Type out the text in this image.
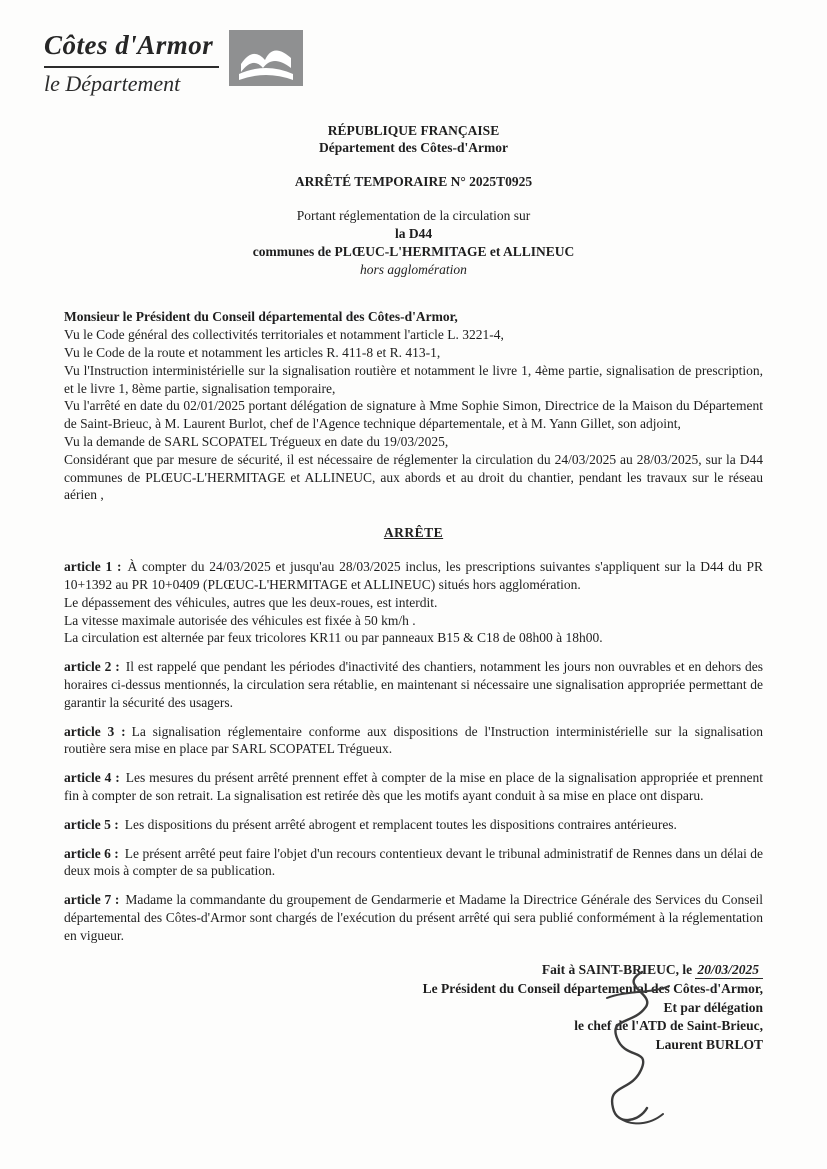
Côtes d'Armor
le Département
RÉPUBLIQUE FRANÇAISE
Département des Côtes-d'Armor
ARRÊTÉ TEMPORAIRE N° 2025T0925
Portant réglementation de la circulation sur
la D44
communes de PLŒUC-L'HERMITAGE et ALLINEUC
hors agglomération

Monsieur le Président du Conseil départemental des Côtes-d'Armor,

Vu le Code général des collectivités territoriales et notamment l'article L. 3221-4,

Vu le Code de la route et notamment les articles R. 411-8 et R. 413-1,

Vu l'Instruction interministérielle sur la signalisation routière et notamment le livre 1, 4ème partie, signalisation de prescription, et le livre 1, 8ème partie, signalisation temporaire,

Vu l'arrêté en date du 02/01/2025 portant délégation de signature à Mme Sophie Simon, Directrice de la Maison du Département de Saint-Brieuc, à M. Laurent Burlot, chef de l'Agence technique départementale, et à M. Yann Gillet, son adjoint,

Vu la demande de SARL SCOPATEL Trégueux en date du 19/03/2025,

Considérant que par mesure de sécurité, il est nécessaire de réglementer la circulation du 24/03/2025 au 28/03/2025, sur la D44 communes de PLŒUC-L'HERMITAGE et ALLINEUC, aux abords et au droit du chantier, pendant les travaux sur le réseau aérien ,

ARRÊTE

article 1 : À compter du 24/03/2025 et jusqu'au 28/03/2025 inclus, les prescriptions suivantes s'appliquent sur la D44 du PR 10+1392 au PR 10+0409 (PLŒUC-L'HERMITAGE et ALLINEUC) situés hors agglomération.

Le dépassement des véhicules, autres que les deux-roues, est interdit.

La vitesse maximale autorisée des véhicules est fixée à 50 km/h .

La circulation est alternée par feux tricolores KR11 ou par panneaux B15 & C18 de 08h00 à 18h00.

article 2 : Il est rappelé que pendant les périodes d'inactivité des chantiers, notamment les jours non ouvrables et en dehors des horaires ci-dessus mentionnés, la circulation sera rétablie, en maintenant si nécessaire une signalisation appropriée permettant de garantir la sécurité des usagers.

article 3 : La signalisation réglementaire conforme aux dispositions de l'Instruction interministérielle sur la signalisation routière sera mise en place par SARL SCOPATEL Trégueux.

article 4 : Les mesures du présent arrêté prennent effet à compter de la mise en place de la signalisation appropriée et prennent fin à compter de son retrait. La signalisation est retirée dès que les motifs ayant conduit à sa mise en place ont disparu.

article 5 : Les dispositions du présent arrêté abrogent et remplacent toutes les dispositions contraires antérieures.

article 6 : Le présent arrêté peut faire l'objet d'un recours contentieux devant le tribunal administratif de Rennes dans un délai de deux mois à compter de sa publication.

article 7 : Madame la commandante du groupement de Gendarmerie et Madame la Directrice Générale des Services du Conseil départemental des Côtes-d'Armor sont chargés de l'exécution du présent arrêté qui sera publié conformément à la réglementation en vigueur.

Fait à SAINT-BRIEUC, le 20/03/2025
Le Président du Conseil départemental des Côtes-d'Armor,
Et par délégation
le chef de l'ATD de Saint-Brieuc,
Laurent BURLOT
